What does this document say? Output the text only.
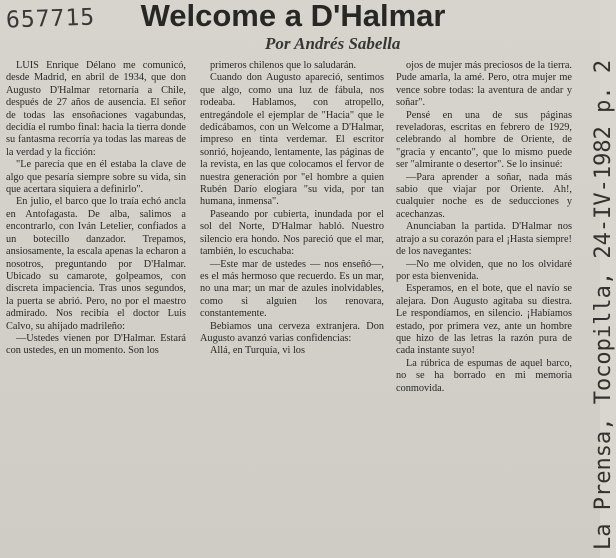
657715	Welcome a D'Halmar
Por Andrés Sabella

LUIS Enrique Délano me comunicó, desde Madrid, en abril de 1934, que don Augusto D'Halmar retornaría a Chile, después de 27 años de ausencia. El señor de todas las ensoñaciones vagabundas, decidía el rumbo final: hacia la tierra donde su fantasma recorría ya todas las mareas de la verdad y la ficción:

"Le parecía que en él estaba la clave de algo que pesaría siempre sobre su vida, sin que acertara siquiera a definirlo".

En julio, el barco que lo traía echó ancla en Antofagasta. De alba, salimos a encontrarlo, con Iván Letelier, confiados a un botecillo danzador. Trepamos, ansiosamente, la escala apenas la echaron a nosotros, preguntando por D'Halmar. Ubicado su camarote, golpeamos, con discreta impaciencia. Tras unos segundos, la puerta se abrió. Pero, no por el maestro admirado. Nos recibía el doctor Luis Calvo, su ahijado madrileño:

—Ustedes vienen por D'Halmar. Estará con ustedes, en un momento. Son los

primeros chilenos que lo saludarán.

Cuando don Augusto apareció, sentimos que algo, como una luz de fábula, nos rodeaba. Hablamos, con atropello, entregándole el ejemplar de "Hacia" que le dedicábamos, con un Welcome a D'Halmar, impreso en tinta verdemar. El escritor sonrió, hojeando, lentamente, las páginas de la revista, en las que colocamos el fervor de nuestra generación por "el hombre a quien Rubén Darío elogiara "su vida, por tan humana, inmensa".

Paseando por cubierta, inundada por el sol del Norte, D'Halmar habló. Nuestro silencio era hondo. Nos pareció que el mar, también, lo escuchaba:

—Este mar de ustedes — nos enseñó—, es el más hermoso que recuerdo. Es un mar, no una mar; un mar de azules inolvidables, como si alguien los renovara, constantemente.

Bebiamos una cerveza extranjera. Don Augusto avanzó varias confidencias:

Allá, en Turquía, vi los

ojos de mujer más preciosos de la tierra. Pude amarla, la amé. Pero, otra mujer me vence sobre todas: la aventura de andar y soñar".

Pensé en una de sus páginas reveladoras, escritas en febrero de 1929, celebrando al hombre de Oriente, de "gracia y encanto", que lo mismo puede ser "almirante o desertor". Se lo insinué:

—Para aprender a soñar, nada más sabio que viajar por Oriente. Ah!, cualquier noche es de seducciones y acechanzas.

Anunciaban la partida. D'Halmar nos atrajo a su corazón para el ¡Hasta siempre! de los navegantes:

—No me olviden, que no los olvidaré por esta bienvenida.

Esperamos, en el bote, que el navío se alejara. Don Augusto agitaba su diestra. Le respondíamos, en silencio. ¡Habíamos estado, por primera vez, ante un hombre que hizo de las letras la razón pura de cada instante suyo!

La rúbrica de espumas de aquel barco, no se ha borrado en mi memoria conmovida.	La Prensa, Tocopilla, 24-IV-1982 p. 2
